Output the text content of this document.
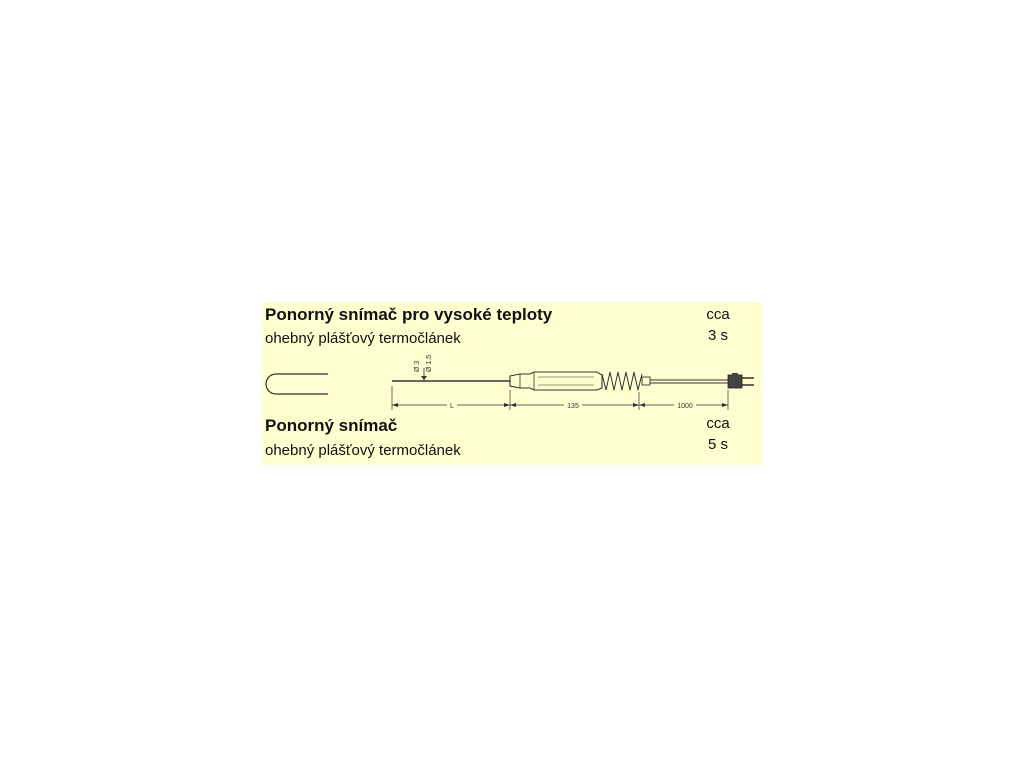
Ponorný snímač pro vysoké teploty
ohebný plášťový termočlánek
cca
3 s
Ø 3 Ø 1.5
L	135	1000
Ponorný snímač
ohebný plášťový termočlánek
cca
5 s
